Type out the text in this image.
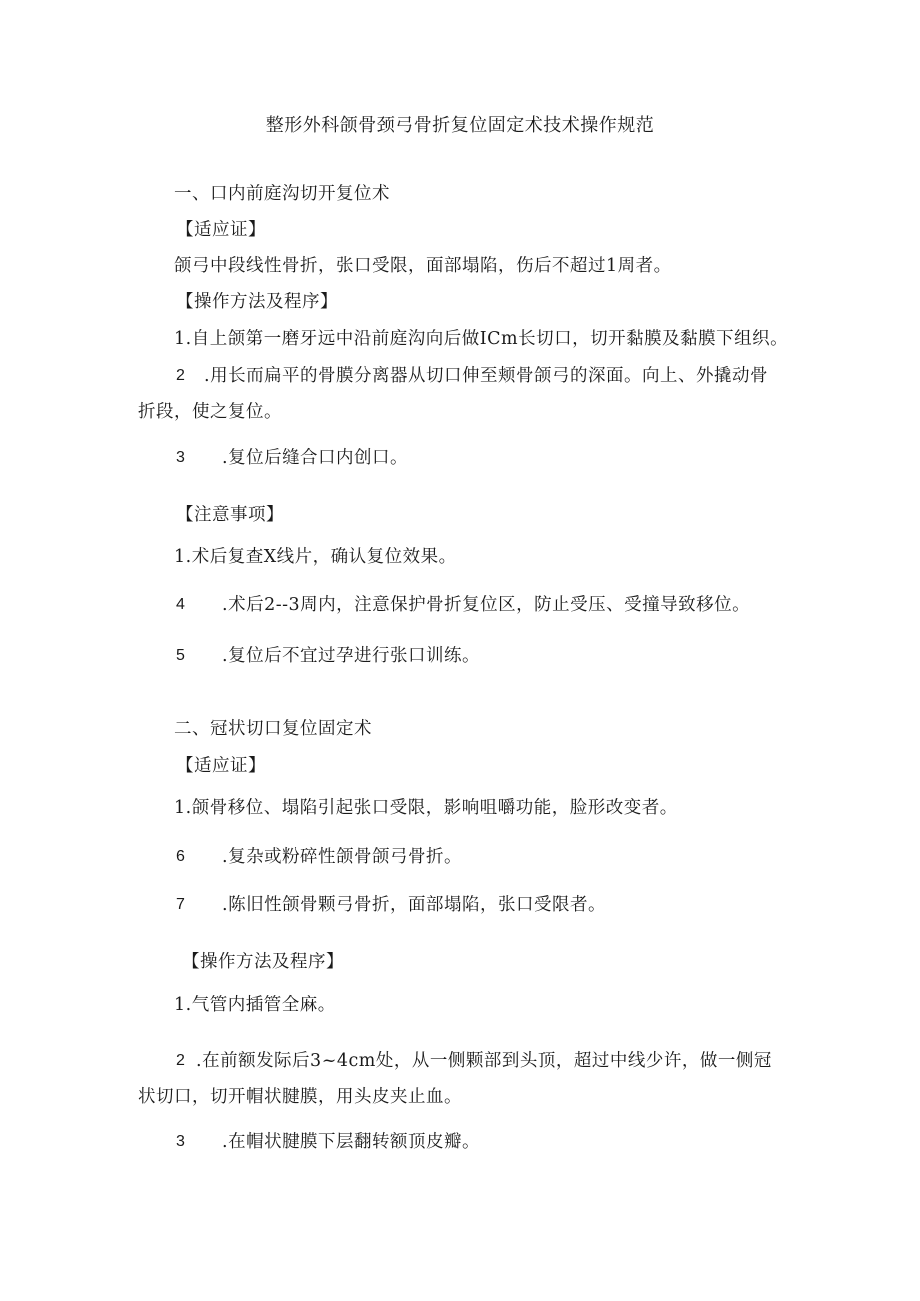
整形外科颌骨颈弓骨折复位固定术技术操作规范
一、口内前庭沟切开复位术
【适应证】
颌弓中段线性骨折，张口受限，面部塌陷，伤后不超过1周者。
【操作方法及程序】
1.自上颌第一磨牙远中沿前庭沟向后做ICm长切口，切开黏膜及黏膜下组织。
2 .用长而扁平的骨膜分离器从切口伸至颊骨颌弓的深面。向上、外撬动骨
折段，使之复位。
3 .复位后缝合口内创口。
【注意事项】
1.术后复查X线片，确认复位效果。
4 .术后2--3周内，注意保护骨折复位区，防止受压、受撞导致移位。
5 .复位后不宜过孕进行张口训练。
二、冠状切口复位固定术
【适应证】
1.颌骨移位、塌陷引起张口受限，影响咀嚼功能，脸形改变者。
6 .复杂或粉碎性颌骨颌弓骨折。
7 .陈旧性颌骨颗弓骨折，面部塌陷，张口受限者。
【操作方法及程序】
1.气管内插管全麻。
2 .在前额发际后3~4cm处，从一侧颗部到头顶，超过中线少许，做一侧冠
状切口，切开帽状腱膜，用头皮夹止血。
3 .在帽状腱膜下层翻转额顶皮瓣。
